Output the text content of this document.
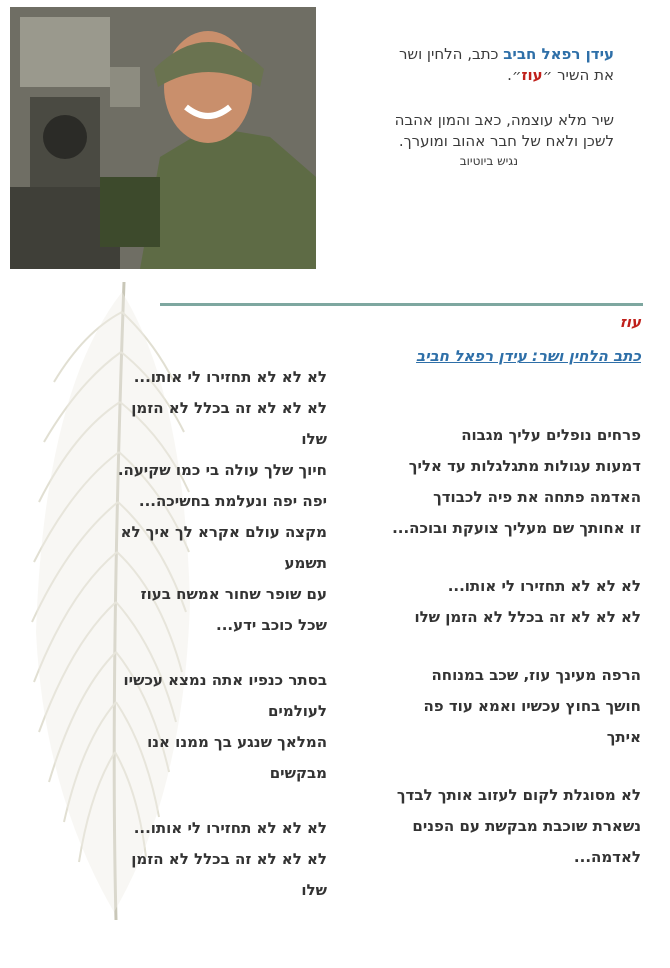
עידן רפאל חביב כתב, הלחין ושר
את השיר ״עוז״.

שיר מלא עוצמה, כאב והמון אהבה
לשכן ולאח של חבר אהוב ומוערך.
נגיש ביוטיוב

עוז
כתב הלחין ושר: עידן רפאל חביב

פרחים נופלים עליך מגבוה
דמעות עגולות מתגלגלות עד אליך
האדמה פתחה את פיה לכבודך
זו אחותך שם מעליך צועקת ובוכה...

לא לא לא תחזירו לי אותו...
לא לא לא זה בכלל לא הזמן שלו

הרפה מעינך עוז, שכב במנוחה
חושך בחוץ עכשיו ואמא עוד פה
איתך

לא מסוגלת לקום לעזוב אותך לבדך
נשארת שוכבת מבקשת עם הפנים
לאדמה...

לא לא לא תחזירו לי אותו...
לא לא לא זה בכלל לא הזמן
שלו
חיוך שלך עולה בי כמו שקיעה.
יפה יפה ונעלמת בחשיכה...
מקצה עולם אקרא לך איך לא
תשמע
עם שופר שחור אמשח בעוז
שכל כוכב ידע...

בסתר כנפיו אתה נמצא עכשיו
לעולמים
המלאך שנגע בך ממנו אנו
מבקשים

לא לא לא תחזירו לי אותו...
לא לא לא זה בכלל לא הזמן
שלו
